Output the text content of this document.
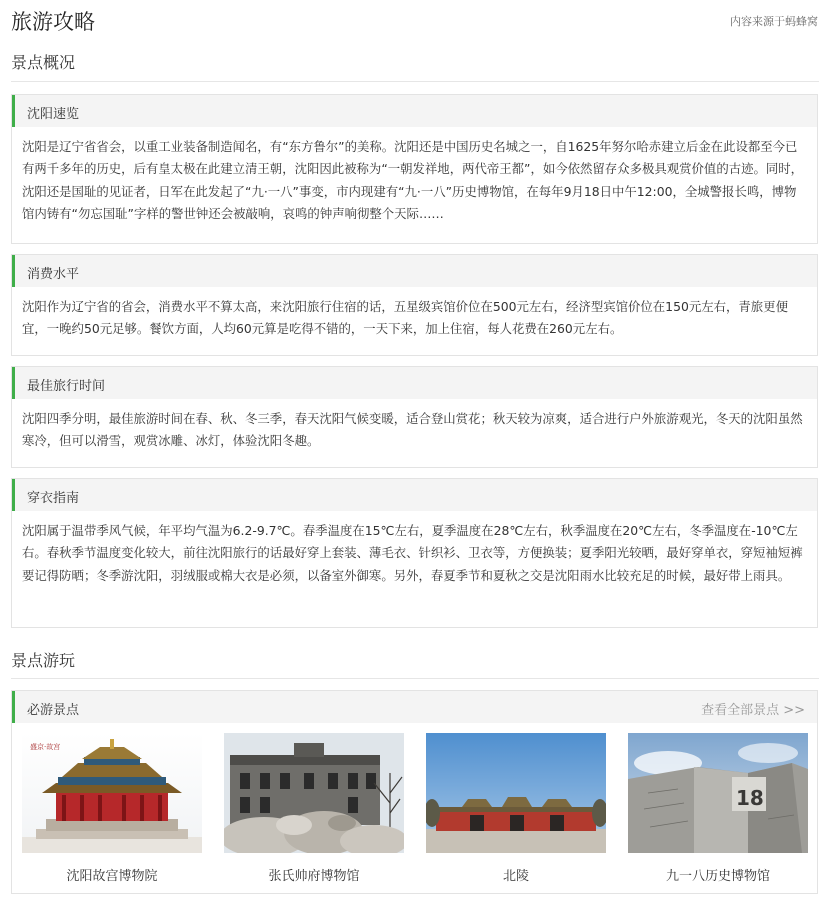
旅游攻略	内容来源于蚂蜂窝
景点概况
沈阳速览
沈阳是辽宁省省会，以重工业装备制造闻名，有“东方鲁尔”的美称。沈阳还是中国历史名城之一，自1625年努尔哈赤建立后金在此设都至今已有两千多年的历史，后有皇太极在此建立清王朝，沈阳因此被称为“一朝发祥地，两代帝王都”，如今依然留存众多极具观赏价值的古迹。同时，沈阳还是国耻的见证者，日军在此发起了“九·一八”事变，市内现建有“九·一八”历史博物馆，在每年9月18日中午12:00，全城警报长鸣，博物馆内铸有“勿忘国耻”字样的警世钟还会被敲响，哀鸣的钟声响彻整个天际……
消费水平
沈阳作为辽宁省的省会，消费水平不算太高，来沈阳旅行住宿的话，五星级宾馆价位在500元左右，经济型宾馆价位在150元左右，青旅更便宜，一晚约50元足够。餐饮方面，人均60元算是吃得不错的，一天下来，加上住宿，每人花费在260元左右。
最佳旅行时间
沈阳四季分明，最佳旅游时间在春、秋、冬三季，春天沈阳气候变暖，适合登山赏花；秋天较为凉爽，适合进行户外旅游观光，冬天的沈阳虽然寒冷，但可以滑雪，观赏冰雕、冰灯，体验沈阳冬趣。
穿衣指南
沈阳属于温带季风气候，年平均气温为6.2-9.7℃。春季温度在15℃左右，夏季温度在28℃左右，秋季温度在20℃左右，冬季温度在-10℃左右。春秋季节温度变化较大，前往沈阳旅行的话最好穿上套装、薄毛衣、针织衫、卫衣等，方便换装；夏季阳光较晒，最好穿单衣，穿短袖短裤要记得防晒；冬季游沈阳，羽绒服或棉大衣是必须，以备室外御寒。另外，春夏季节和夏秋之交是沈阳雨水比较充足的时候，最好带上雨具。
景点游玩
必游景点	查看全部景点 >>
盛京·故宫
沈阳故宫博物院	张氏帅府博物馆	北陵
18
九一八历史博物馆
